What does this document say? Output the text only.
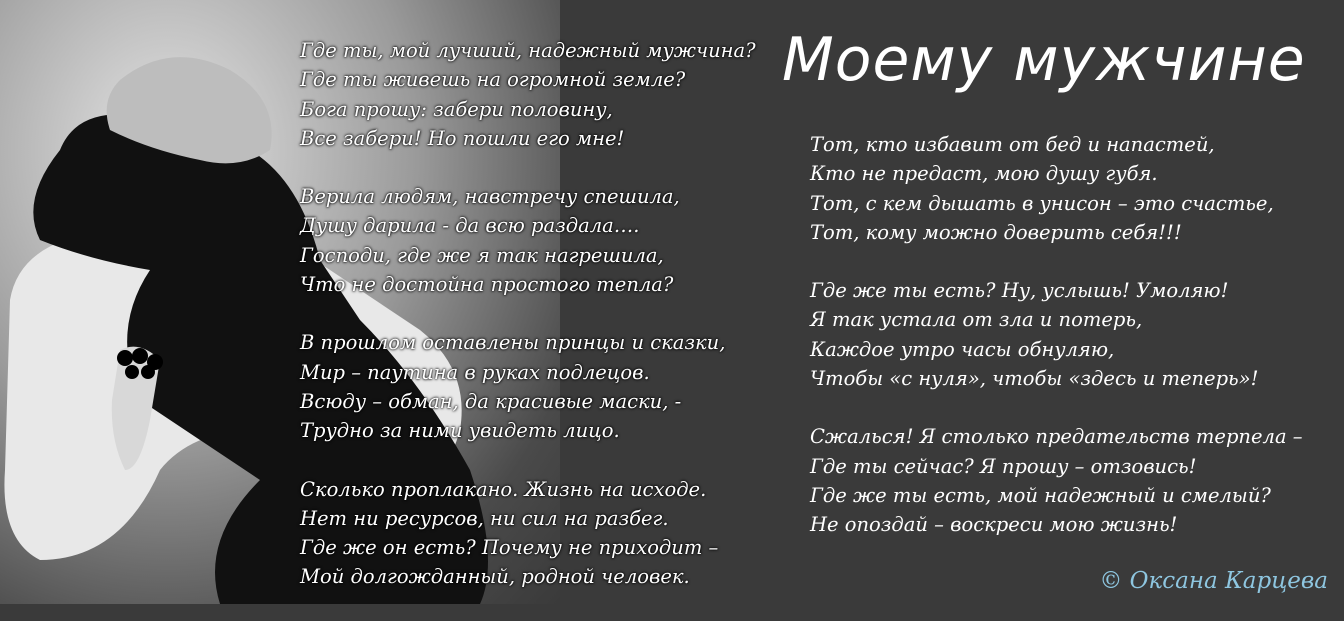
Где ты, мой лучший, надежный мужчина?
Где ты живешь на огромной земле?
Бога прошу: забери половину,
Все забери! Но пошли его мне!
Верила людям, навстречу спешила,
Душу дарила - да всю раздала….
Господи, где же я так нагрешила,
Что не достойна простого тепла?
В прошлом оставлены принцы и сказки,
Мир – паутина в руках подлецов.
Всюду – обман, да красивые маски, -
Трудно за ними увидеть лицо.
Сколько проплакано. Жизнь на исходе.
Нет ни ресурсов, ни сил на разбег.
Где же он есть? Почему не приходит –
Мой долгожданный, родной человек.
Моему мужчине
Тот, кто избавит от бед и напастей,
Кто не предаст, мою душу губя.
Тот, с кем дышать в унисон – это счастье,
Тот, кому можно доверить себя!!!
Где же ты есть? Ну, услышь! Умоляю!
Я так устала от зла и потерь,
Каждое утро часы обнуляю,
Чтобы «с нуля», чтобы «здесь и теперь»!
Сжалься! Я столько предательств терпела –
Где ты сейчас? Я прошу – отзовись!
Где же ты есть, мой надежный и смелый?
Не опоздай – воскреси мою жизнь!
© Оксана Карцева
